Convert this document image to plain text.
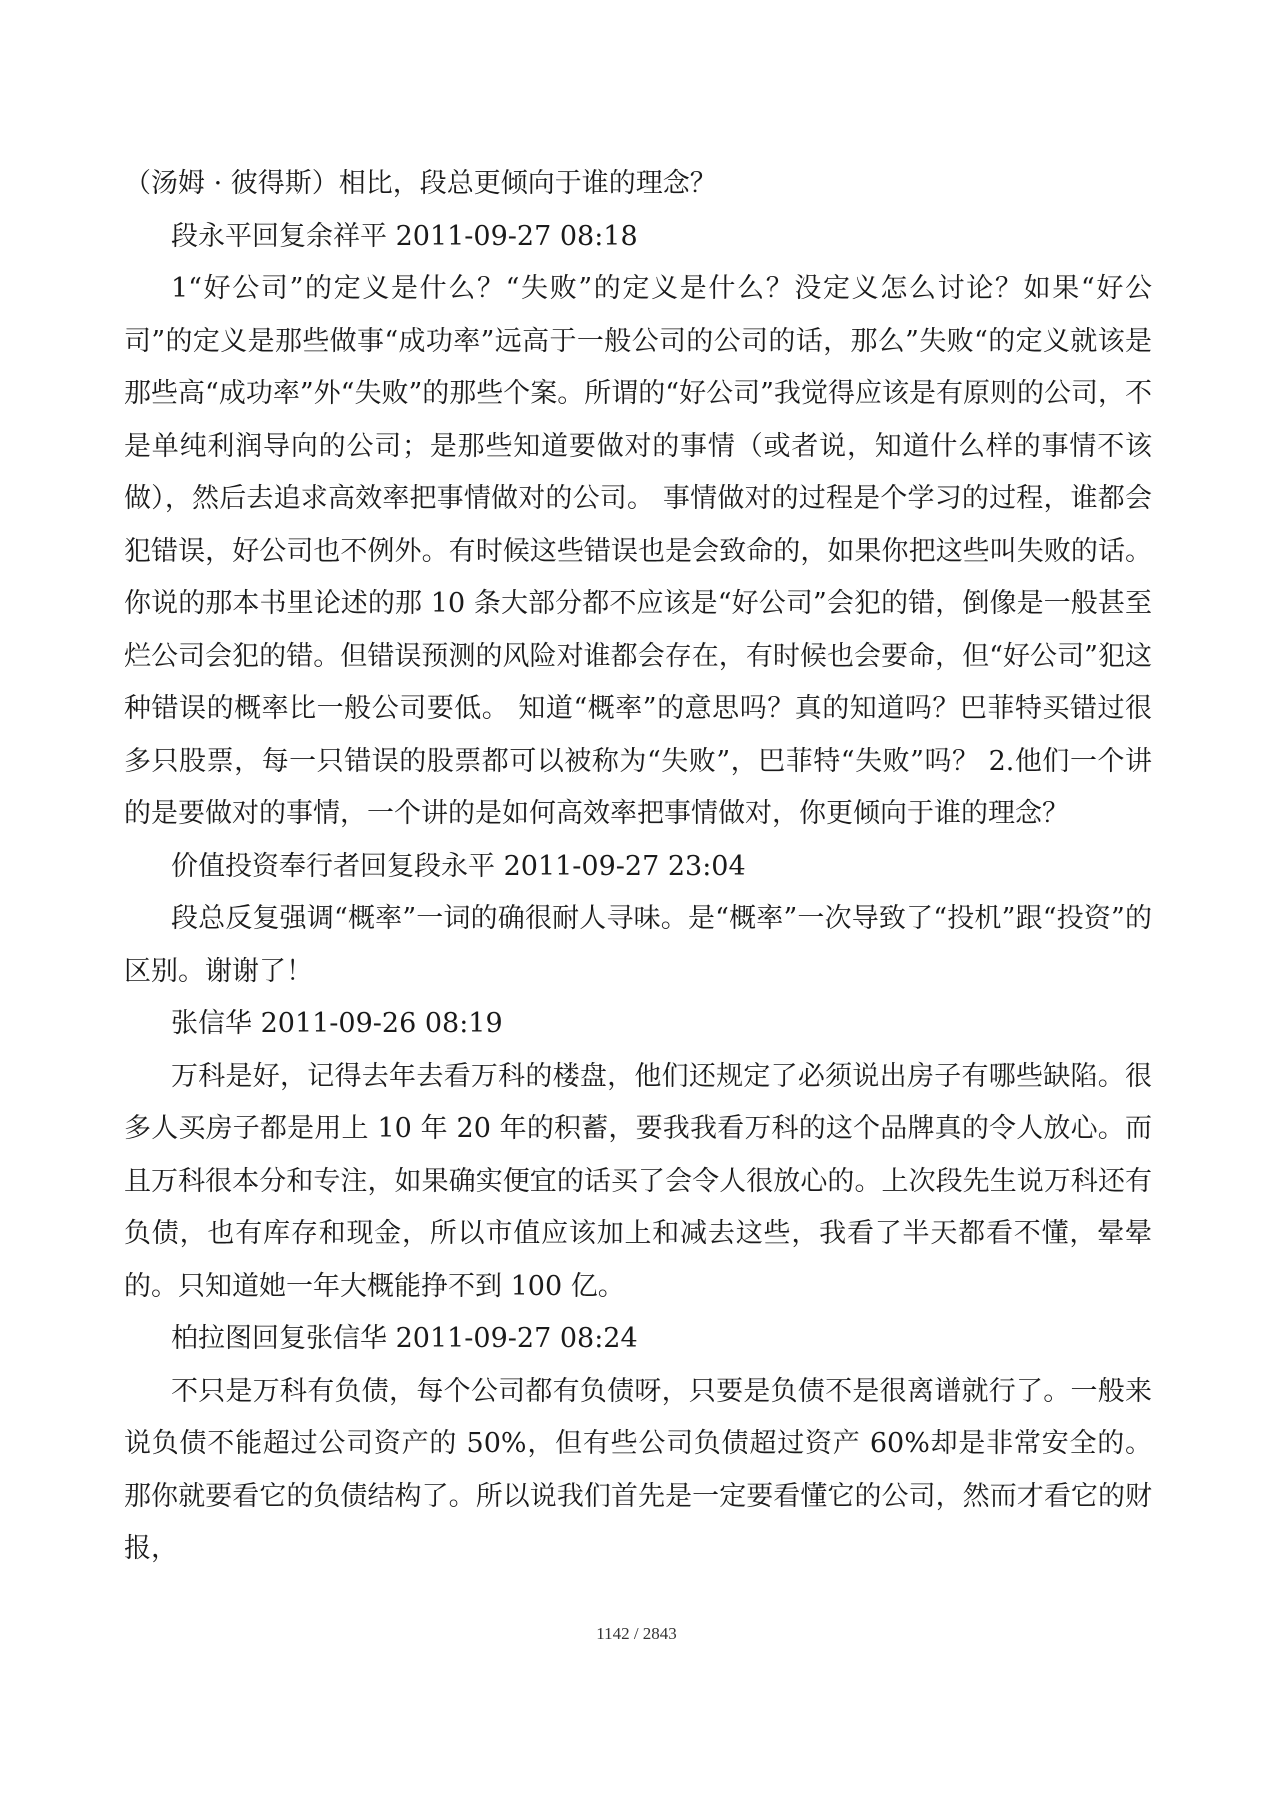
（汤姆 · 彼得斯）相比，段总更倾向于谁的理念？

段永平回复余祥平 2011-09-27 08:18

1“好公司”的定义是什么？“失败”的定义是什么？没定义怎么讨论？如果“好公司”的定义是那些做事“成功率”远高于一般公司的公司的话，那么”失败“的定义就该是那些高“成功率”外“失败”的那些个案。所谓的“好公司”我觉得应该是有原则的公司，不是单纯利润导向的公司；是那些知道要做对的事情（或者说，知道什么样的事情不该做），然后去追求高效率把事情做对的公司。 事情做对的过程是个学习的过程，谁都会犯错误，好公司也不例外。有时候这些错误也是会致命的，如果你把这些叫失败的话。 你说的那本书里论述的那 10 条大部分都不应该是“好公司”会犯的错，倒像是一般甚至烂公司会犯的错。但错误预测的风险对谁都会存在，有时候也会要命，但“好公司”犯这种错误的概率比一般公司要低。 知道“概率”的意思吗？真的知道吗？巴菲特买错过很多只股票，每一只错误的股票都可以被称为“失败”，巴菲特“失败”吗？ 2.他们一个讲的是要做对的事情，一个讲的是如何高效率把事情做对，你更倾向于谁的理念？

价值投资奉行者回复段永平 2011-09-27 23:04

段总反复强调“概率”一词的确很耐人寻味。是“概率”一次导致了“投机”跟“投资”的区别。谢谢了！

张信华 2011-09-26 08:19

万科是好，记得去年去看万科的楼盘，他们还规定了必须说出房子有哪些缺陷。很多人买房子都是用上 10 年 20 年的积蓄，要我我看万科的这个品牌真的令人放心。而且万科很本分和专注，如果确实便宜的话买了会令人很放心的。上次段先生说万科还有负债，也有库存和现金，所以市值应该加上和减去这些，我看了半天都看不懂，晕晕的。只知道她一年大概能挣不到 100 亿。

柏拉图回复张信华 2011-09-27 08:24

不只是万科有负债，每个公司都有负债呀，只要是负债不是很离谱就行了。一般来说负债不能超过公司资产的 50%，但有些公司负债超过资产 60%却是非常安全的。那你就要看它的负债结构了。所以说我们首先是一定要看懂它的公司，然而才看它的财报，

1142 / 2843
